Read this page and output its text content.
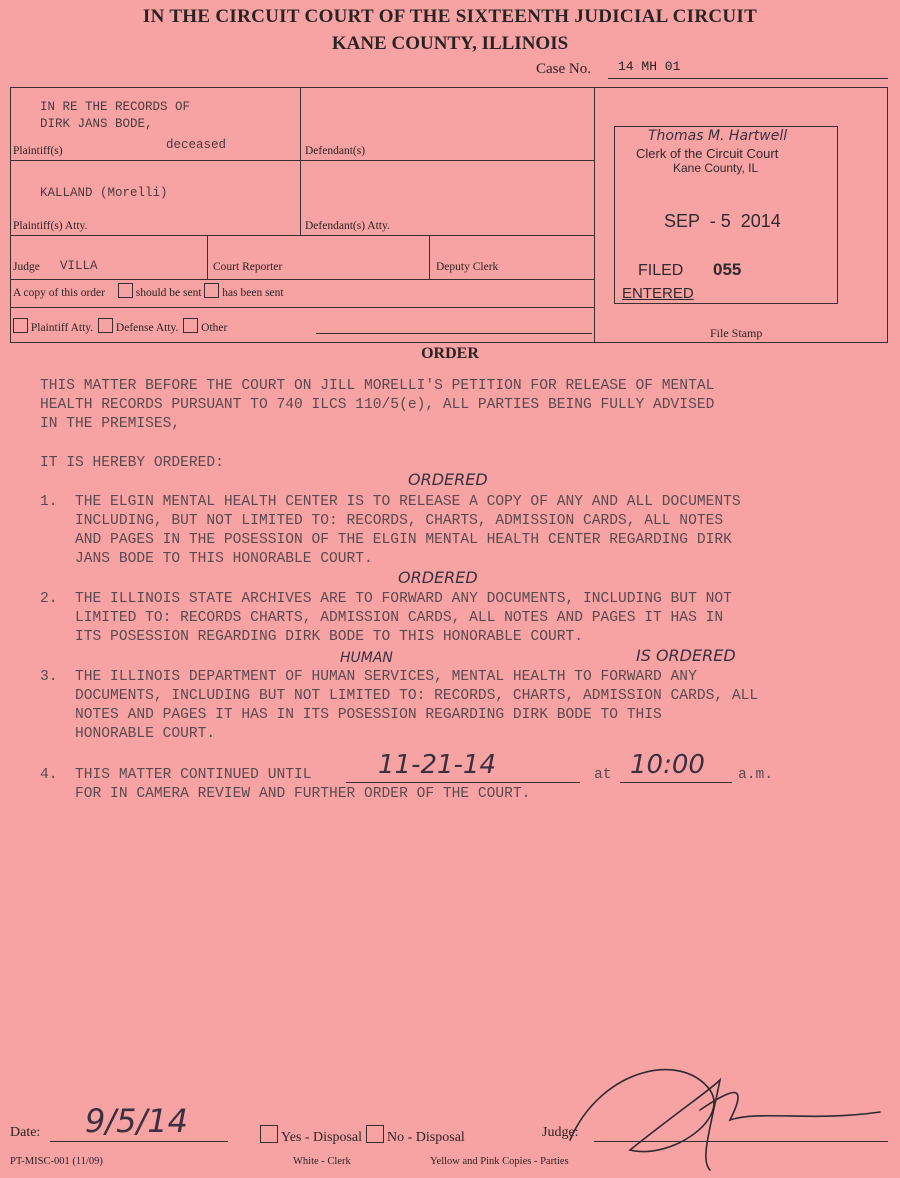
IN THE CIRCUIT COURT OF THE SIXTEENTH JUDICIAL CIRCUIT
KANE COUNTY, ILLINOIS
Case No. 14 MH 01
IN RE THE RECORDS OF
DIRK JANS BODE,
deceased
Plaintiff(s)	Defendant(s)
KALLAND (Morelli)
Plaintiff(s) Atty.	Defendant(s) Atty.
Judge VILLA	Court Reporter	Deputy Clerk
A copy of this order	should be sent has been sent
Plaintiff Atty. Defense Atty. Other
Thomas M. Hartwell
Clerk of the Circuit Court
Kane County, IL
SEP  - 5  2014
FILED 055
ENTERED
File Stamp
ORDER
THIS MATTER BEFORE THE COURT ON JILL MORELLI'S PETITION FOR RELEASE OF MENTAL
HEALTH RECORDS PURSUANT TO 740 ILCS 110/5(e), ALL PARTIES BEING FULLY ADVISED
IN THE PREMISES,
IT IS HEREBY ORDERED:
1.  THE ELGIN MENTAL HEALTH CENTER IS TO RELEASE A COPY OF ANY AND ALL DOCUMENTS
INCLUDING, BUT NOT LIMITED TO: RECORDS, CHARTS, ADMISSION CARDS, ALL NOTES
AND PAGES IN THE POSESSION OF THE ELGIN MENTAL HEALTH CENTER REGARDING DIRK
JANS BODE TO THIS HONORABLE COURT.
ORDERED
2.  THE ILLINOIS STATE ARCHIVES ARE TO FORWARD ANY DOCUMENTS, INCLUDING BUT NOT
LIMITED TO: RECORDS CHARTS, ADMISSION CARDS, ALL NOTES AND PAGES IT HAS IN
ITS POSESSION REGARDING DIRK BODE TO THIS HONORABLE COURT.
ORDERED
3.  THE ILLINOIS DEPARTMENT OF HUMAN SERVICES, MENTAL HEALTH TO FORWARD ANY
DOCUMENTS, INCLUDING BUT NOT LIMITED TO: RECORDS, CHARTS, ADMISSION CARDS, ALL
NOTES AND PAGES IT HAS IN ITS POSESSION REGARDING DIRK BODE TO THIS
HONORABLE COURT.
HUMAN	IS ORDERED
4.  THIS MATTER CONTINUED UNTIL	11-21-14	at 10:00 a.m.
FOR IN CAMERA REVIEW AND FURTHER ORDER OF THE COURT.
Date: 9/5/14	Yes - Disposal No - Disposal	Judge:
PT-MISC-001 (11/09)	White - Clerk	Yellow and Pink Copies - Parties
